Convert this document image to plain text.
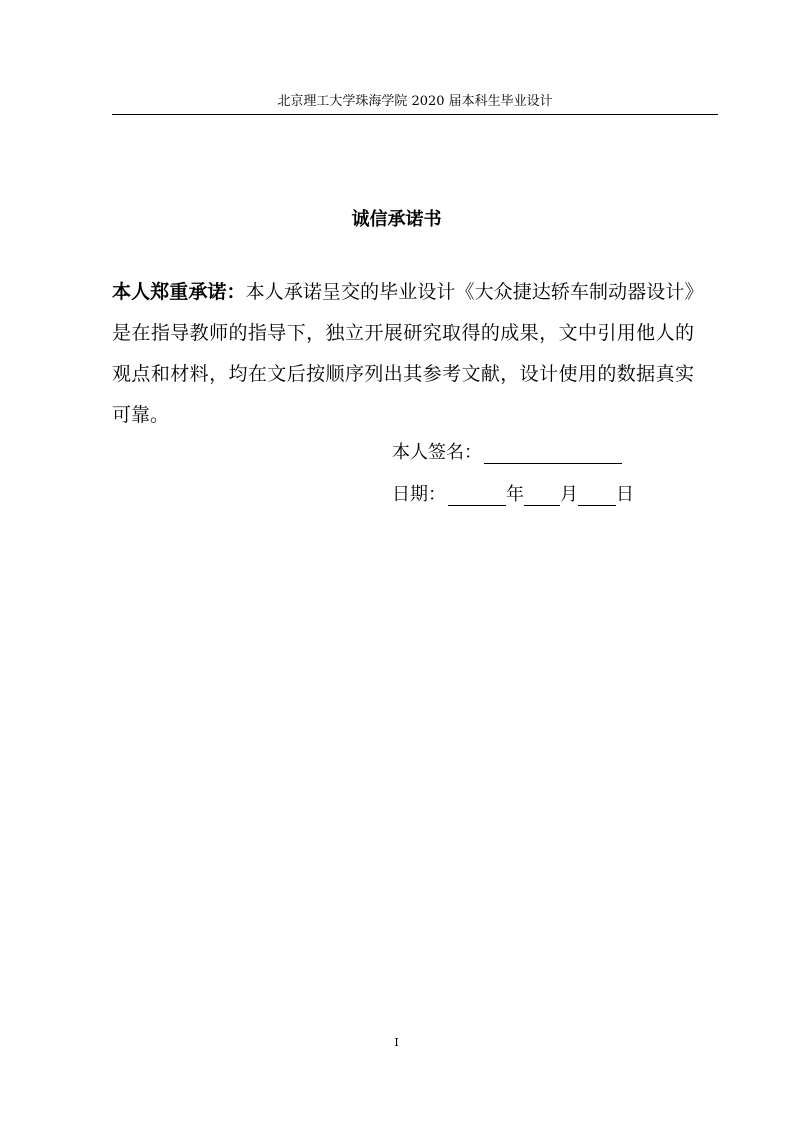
北京理工大学珠海学院 2020 届本科生毕业设计
诚信承诺书
本人郑重承诺：本人承诺呈交的毕业设计《大众捷达轿车制动器设计》是在指导教师的指导下，独立开展研究取得的成果，文中引用他人的观点和材料，均在文后按顺序列出其参考文献，设计使用的数据真实可靠。
本人签名：
日期：	年 月 日
I
